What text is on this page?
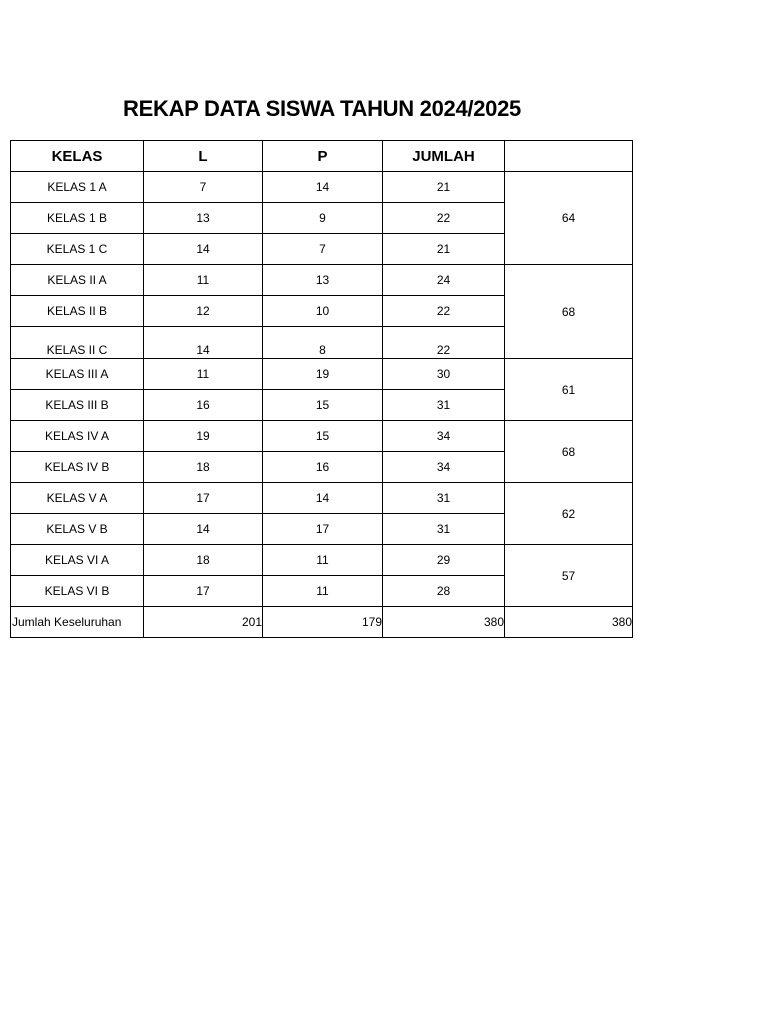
REKAP DATA SISWA TAHUN 2024/2025
KELAS	L	P	JUMLAH	
KELAS 1 A	7	14	21	64
KELAS 1 B	13	9	22	
KELAS 1 C	14	7	21	
KELAS II A	11	13	24	68
KELAS II B	12	10	22	
KELAS II C	14	8	22	
KELAS III A	11	19	30	61
KELAS III B	16	15	31	
KELAS IV A	19	15	34	68
KELAS IV B	18	16	34	
KELAS V A	17	14	31	62
KELAS V B	14	17	31	
KELAS VI A	18	11	29	57
KELAS VI B	17	11	28	
Jumlah Keseluruhan	201	179	380	380
